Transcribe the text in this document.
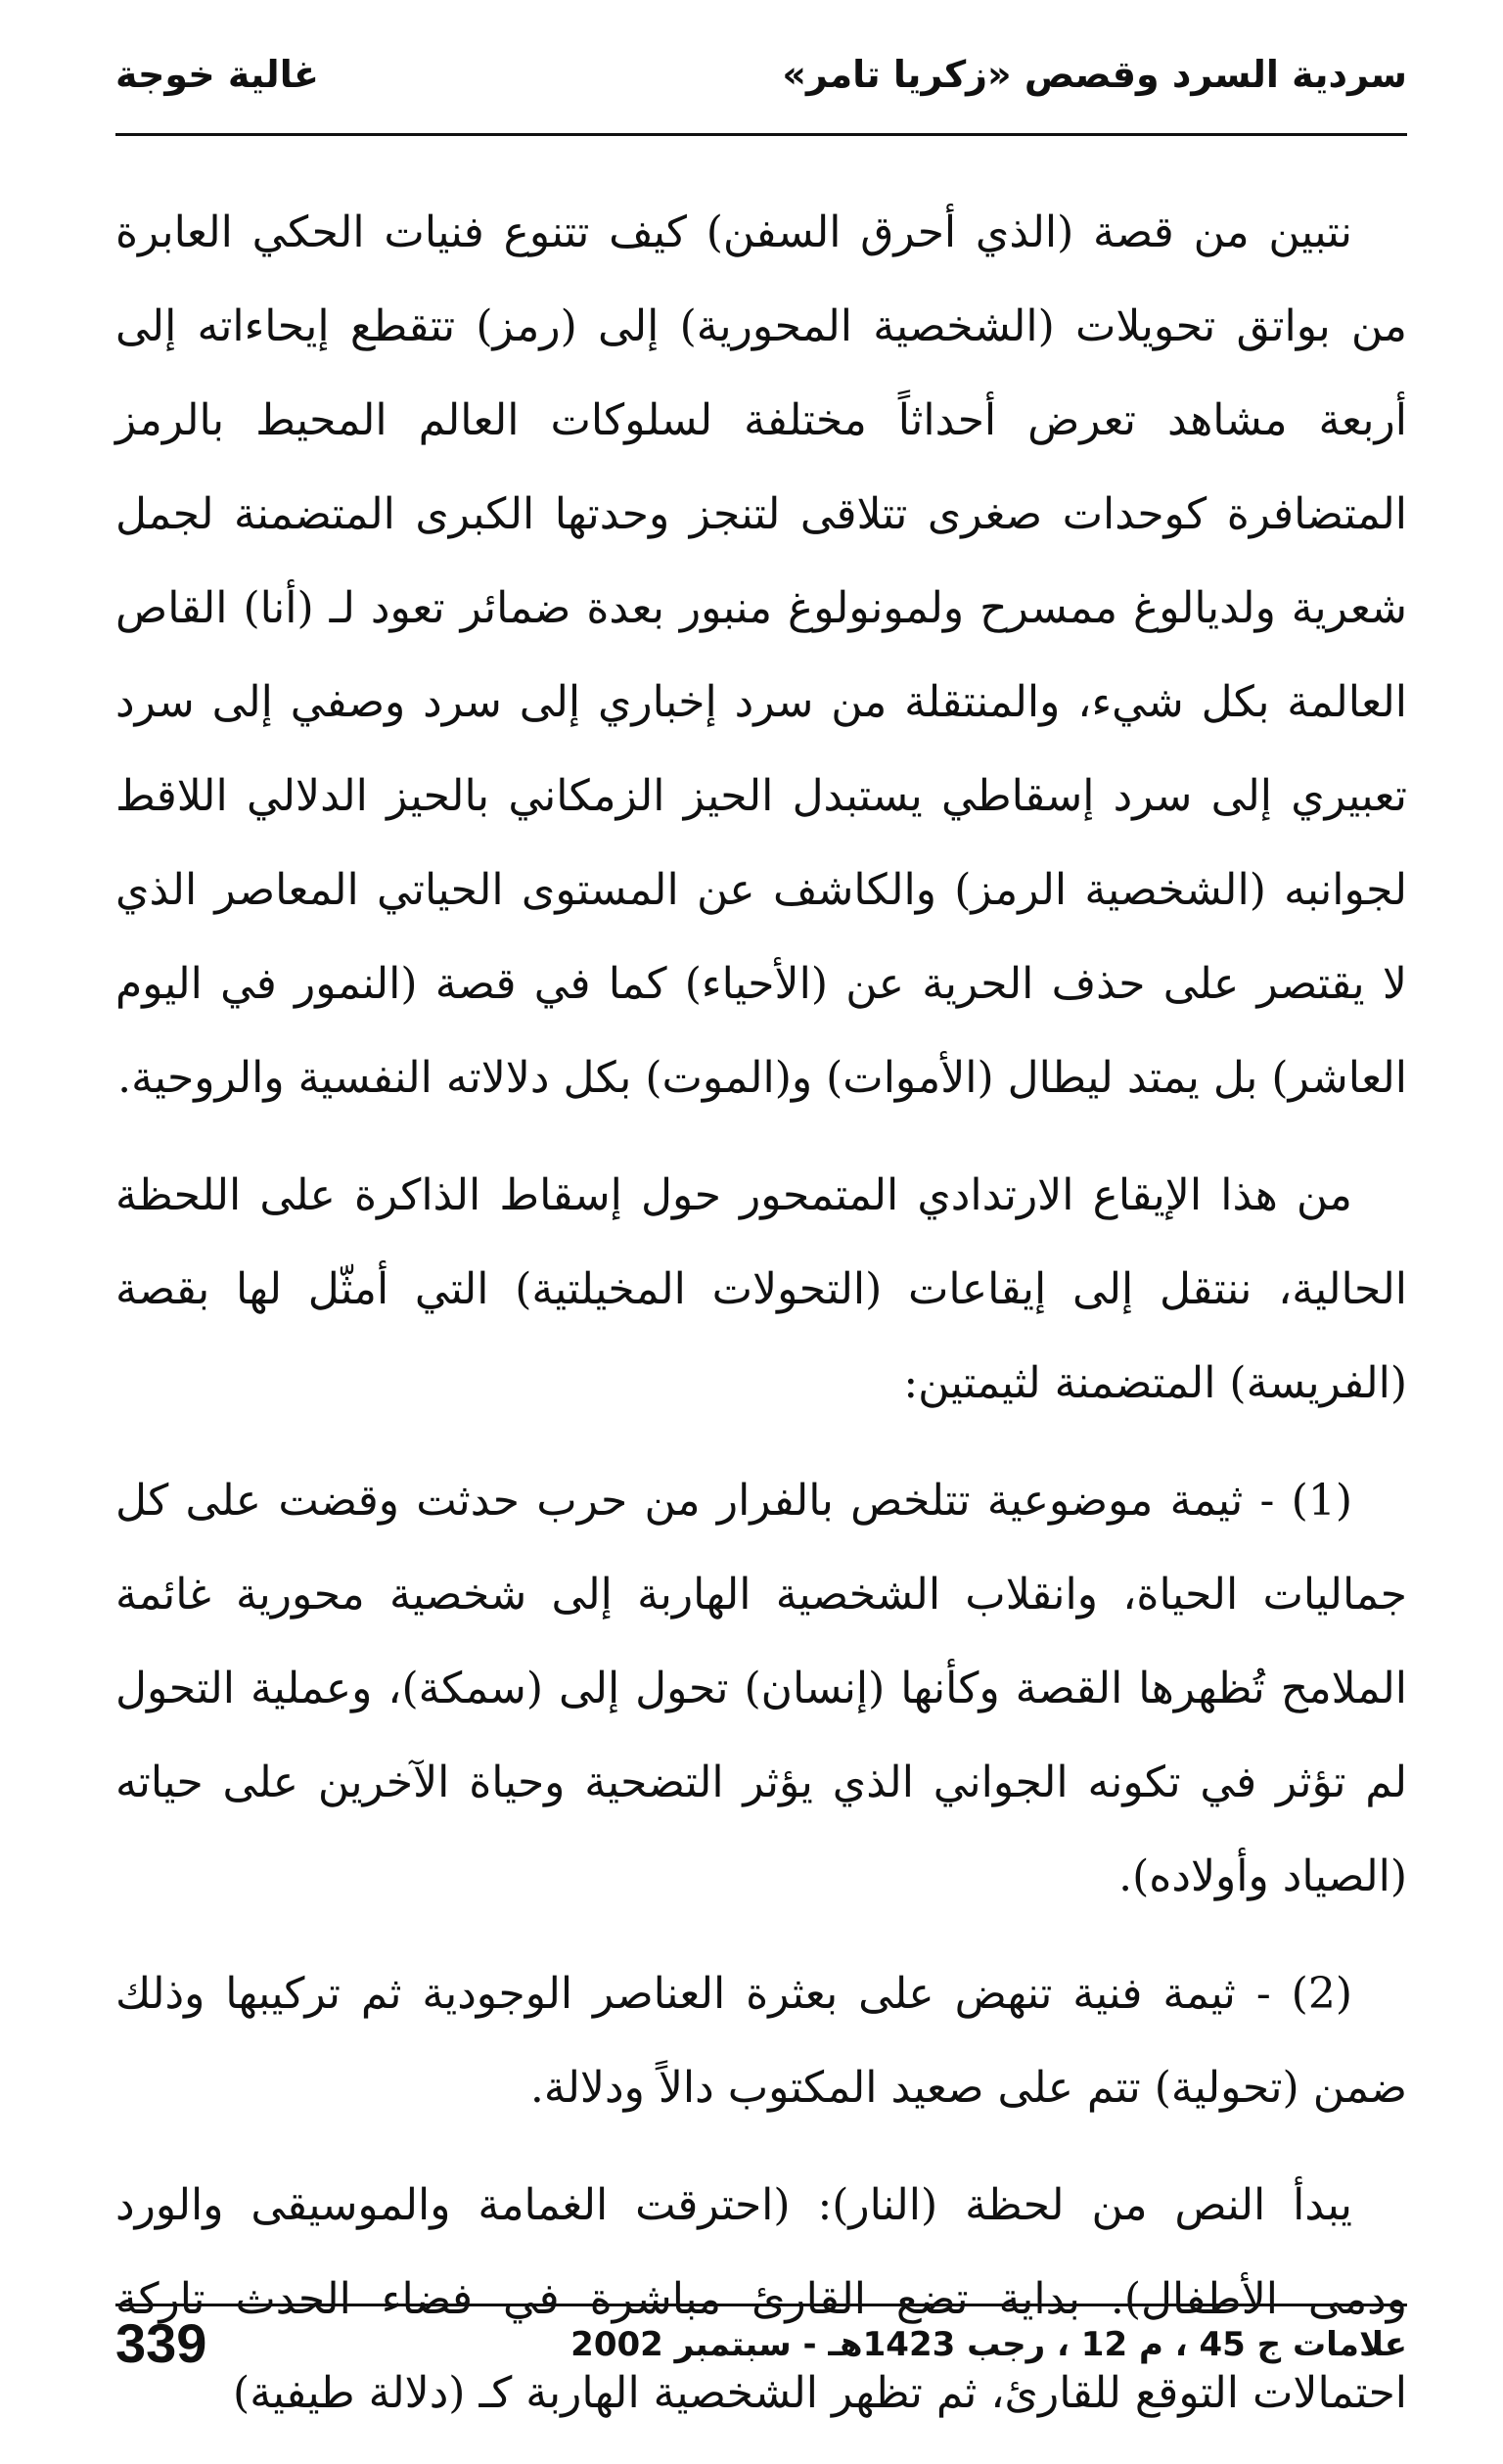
سردية السرد وقصص «زكريا تامر»
غالية خوجة

نتبين من قصة (الذي أحرق السفن) كيف تتنوع فنيات الحكي العابرة من بواتق تحويلات (الشخصية المحورية) إلى (رمز) تتقطع إيحاءاته إلى أربعة مشاهد تعرض أحداثاً مختلفة لسلوكات العالم المحيط بالرمز المتضافرة كوحدات صغرى تتلاقى لتنجز وحدتها الكبرى المتضمنة لجمل شعرية ولديالوغ ممسرح ولمونولوغ منبور بعدة ضمائر تعود لـ (أنا) القاص العالمة بكل شيء، والمنتقلة من سرد إخباري إلى سرد وصفي إلى سرد تعبيري إلى سرد إسقاطي يستبدل الحيز الزمكاني بالحيز الدلالي اللاقط لجوانبه (الشخصية الرمز) والكاشف عن المستوى الحياتي المعاصر الذي لا يقتصر على حذف الحرية عن (الأحياء) كما في قصة (النمور في اليوم العاشر) بل يمتد ليطال (الأموات) و(الموت) بكل دلالاته النفسية والروحية.

من هذا الإيقاع الارتدادي المتمحور حول إسقاط الذاكرة على اللحظة الحالية، ننتقل إلى إيقاعات (التحولات المخيلتية) التي أمثّل لها بقصة (الفريسة) المتضمنة لثيمتين:

(1) - ثيمة موضوعية تتلخص بالفرار من حرب حدثت وقضت على كل جماليات الحياة، وانقلاب الشخصية الهاربة إلى شخصية محورية غائمة الملامح تُظهرها القصة وكأنها (إنسان) تحول إلى (سمكة)، وعملية التحول لم تؤثر في تكونه الجواني الذي يؤثر التضحية وحياة الآخرين على حياته (الصياد وأولاده).

(2) - ثيمة فنية تنهض على بعثرة العناصر الوجودية ثم تركيبها وذلك ضمن (تحولية) تتم على صعيد المكتوب دالاً ودلالة.

يبدأ النص من لحظة (النار): (احترقت الغمامة والموسيقى والورد ودمى الأطفال). بداية تضع القارئ مباشرة في فضاء الحدث تاركة احتمالات التوقع للقارئ، ثم تظهر الشخصية الهاربة كـ (دلالة طيفية)

علامات ج 45 ، م 12 ، رجب 1423هـ - سبتمبر 2002
339
